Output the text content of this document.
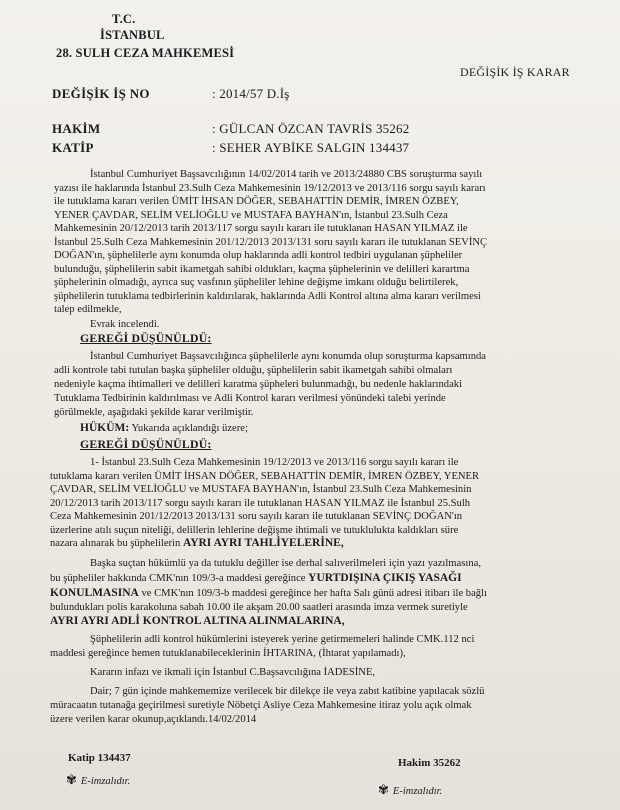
T.C.
İSTANBUL
28. SULH CEZA MAHKEMESİ
DEĞİŞİK İŞ KARAR
DEĞİŞİK İŞ NO	: 2014/57 D.İş
HAKİM	: GÜLCAN ÖZCAN TAVRİS 35262
KATİP	: SEHER AYBİKE SALGIN 134437
İstanbul Cumhuriyet Başsavcılığının 14/02/2014 tarih ve 2013/24880 CBS soruşturma sayılı
yazısı ile haklarında İstanbul 23.Sulh Ceza Mahkemesinin 19/12/2013 ve 2013/116 sorgu sayılı kararı
ile tutuklama kararı verilen ÜMİT İHSAN DÖĞER, SEBAHATTİN DEMİR, İMREN ÖZBEY,
YENER ÇAVDAR, SELİM VELİOĞLU ve MUSTAFA BAYHAN'ın, İstanbul 23.Sulh Ceza
Mahkemesinin 20/12/2013 tarih 2013/117 sorgu sayılı kararı ile tutuklanan HASAN YILMAZ ile
İstanbul 25.Sulh Ceza Mahkemesinin 201/12/2013 2013/131 soru sayılı kararı ile tutuklanan SEVİNÇ
DOĞAN'ın, şüphelilerle aynı konumda olup haklarında adli kontrol tedbiri uygulanan şüpheliler
bulunduğu, şüphelilerin sabit ikametgah sahibi oldukları, kaçma şüphelerinin ve delilleri karartma
şüphelerinin olmadığı, ayrıca suç vasfının şüpheliler lehine değişme imkanı olduğu belirtilerek,
şüphelilerin tutuklama tedbirlerinin kaldırılarak, haklarında Adli Kontrol altına alma kararı verilmesi
talep edilmekle,
Evrak incelendi.
GEREĞİ DÜŞÜNÜLDÜ:
İstanbul Cumhuriyet Başsavcılığınca şüphelilerle aynı konumda olup soruşturma kapsamında
adli kontrole tabi tutulan başka şüpheliler olduğu, şüphelilerin sabit ikametgah sahibi olmaları
nedeniyle kaçma ihtimalleri ve delilleri karatma şüpheleri bulunmadığı, bu nedenle haklarındaki
Tutuklama Tedbirinin kaldırılması ve Adli Kontrol kararı verilmesi yönündeki talebi yerinde
görülmekle, aşağıdaki şekilde karar verilmiştir.
HÜKÜM: Yukarıda açıklandığı üzere;
GEREĞİ DÜŞÜNÜLDÜ:
1- İstanbul 23.Sulh Ceza Mahkemesinin 19/12/2013 ve 2013/116 sorgu sayılı kararı ile
tutuklama kararı verilen ÜMİT İHSAN DÖĞER, SEBAHATTİN DEMİR, İMREN ÖZBEY, YENER
ÇAVDAR, SELİM VELİOĞLU ve MUSTAFA BAYHAN'ın, İstanbul 23.Sulh Ceza Mahkemesinin
20/12/2013 tarih 2013/117 sorgu sayılı kararı ile tutuklanan HASAN YILMAZ ile İstanbul 25.Sulh
Ceza Mahkemesinin 201/12/2013 2013/131 soru sayılı kararı ile tutuklanan SEVİNÇ DOĞAN'ın
üzerlerine atılı suçun niteliği, delillerin lehlerine değişme ihtimali ve tutuklulukta kaldıkları süre
nazara alınarak bu şüphelilerin AYRI AYRI TAHLİYELERİNE,
Başka suçtan hükümlü ya da tutuklu değiller ise derhal salıverilmeleri için yazı yazılmasına,
bu şüpheliler hakkında CMK'nın 109/3-a maddesi gereğince YURTDIŞINA ÇIKIŞ YASAĞI
KONULMASINA ve CMK'nın 109/3-b maddesi gereğince her hafta Salı günü adresi itibarı ile bağlı
bulundukları polis karakoluna sabah 10.00 ile akşam 20.00 saatleri arasında imza vermek suretiyle
AYRI AYRI ADLİ KONTROL ALTINA ALINMALARINA,
Şüphelilerin adli kontrol hükümlerini isteyerek yerine getirmemeleri halinde CMK.112 nci
maddesi gereğince hemen tutuklanabileceklerinin İHTARINA, (İhtarat yapılamadı),
Kararın infazı ve ikmali için İstanbul C.Başsavcılığına İADESİNE,
Dair; 7 gün içinde mahkememize verilecek bir dilekçe ile veya zabıt katibine yapılacak sözlü
müracaatın tutanağa geçirilmesi suretiyle Nöbetçi Asliye Ceza Mahkemesine itiraz yolu açık olmak
üzere verilen karar okunup,açıklandı.14/02/2014
Katip 134437	Hakim 35262
✾ E-imzalıdır.
✾ E-imzalıdır.
